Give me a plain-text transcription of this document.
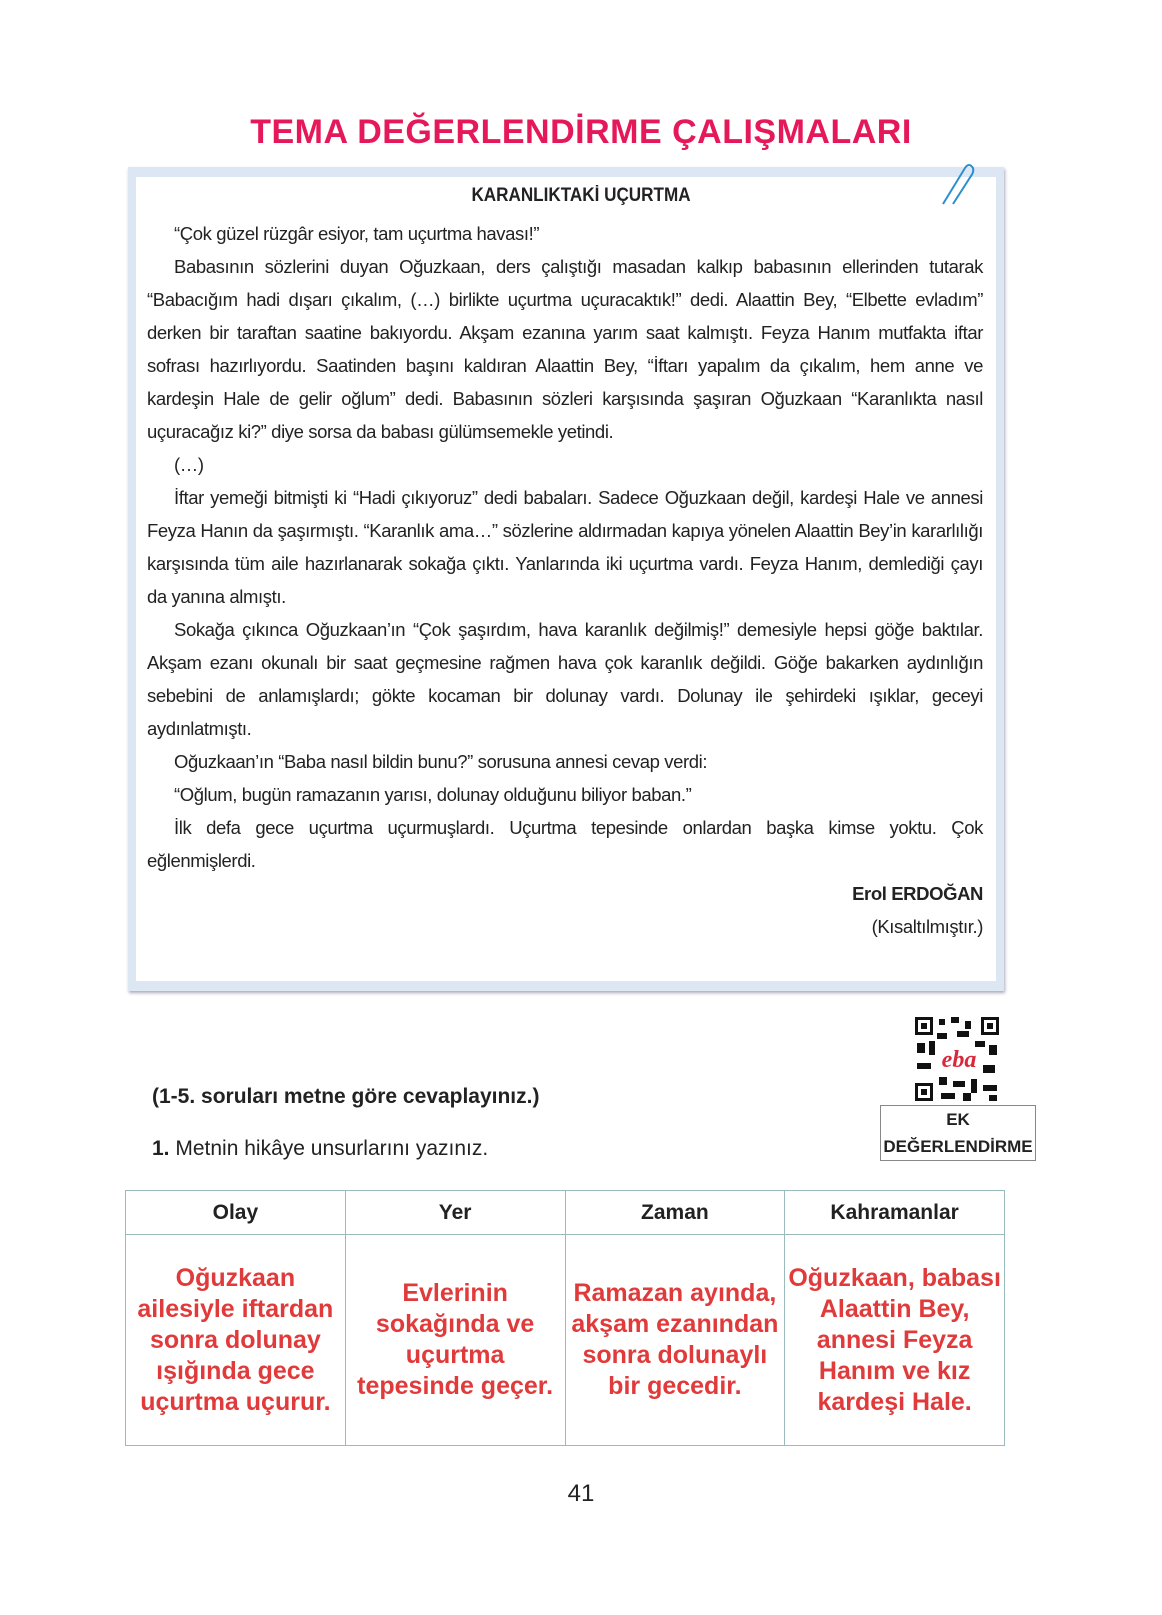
TEMA DEĞERLENDİRME ÇALIŞMALARI
KARANLIKTAKİ UÇURTMA

“Çok güzel rüzgâr esiyor, tam uçurtma havası!”

Babasının sözlerini duyan Oğuzkaan, ders çalıştığı masadan kalkıp babasının ellerinden tutarak “Babacığım hadi dışarı çıkalım, (…) birlikte uçurtma uçuracaktık!” dedi. Alaattin Bey, “Elbette evladım” derken bir taraftan saatine bakıyordu. Akşam ezanına yarım saat kalmıştı. Feyza Hanım mutfakta iftar sofrası hazırlıyordu. Saatinden başını kaldıran Alaattin Bey, “İftarı yapalım da çıkalım, hem anne ve kardeşin Hale de gelir oğlum” dedi. Babasının sözleri karşısında şaşıran Oğuzkaan “Karanlıkta nasıl uçuracağız ki?” diye sorsa da babası gülümsemekle yetindi.

(…)

İftar yemeği bitmişti ki “Hadi çıkıyoruz” dedi babaları. Sadece Oğuzkaan değil, kardeşi Hale ve annesi Feyza Hanın da şaşırmıştı. “Karanlık ama…” sözlerine aldırmadan kapıya yönelen Alaattin Bey’in kararlılığı karşısında tüm aile hazırlanarak sokağa çıktı. Yanlarında iki uçurtma vardı. Feyza Hanım, demlediği çayı da yanına almıştı.

Sokağa çıkınca Oğuzkaan’ın “Çok şaşırdım, hava karanlık değilmiş!” demesiyle hepsi göğe baktılar. Akşam ezanı okunalı bir saat geçmesine rağmen hava çok karanlık değildi. Göğe bakarken aydınlığın sebebini de anlamışlardı; gökte kocaman bir dolunay vardı. Dolunay ile şehirdeki ışıklar, geceyi aydınlatmıştı.

Oğuzkaan’ın “Baba nasıl bildin bunu?” sorusuna annesi cevap verdi:

“Oğlum, bugün ramazanın yarısı, dolunay olduğunu biliyor baban.”

İlk defa gece uçurtma uçurmuşlardı. Uçurtma tepesinde onlardan başka kimse yoktu. Çok eğlenmişlerdi.

Erol ERDOĞAN

(Kısaltılmıştır.)

eba
EK
DEĞERLENDİRME
(1-5. soruları metne göre cevaplayınız.)
1. Metnin hikâye unsurlarını yazınız.
Olay	Yer	Zaman	Kahramanlar
Oğuzkaan ailesiyle iftardan sonra dolunay ışığında gece uçurtma uçurur.	Evlerinin sokağında ve uçurtma tepesinde geçer.	Ramazan ayında, akşam ezanından sonra dolunaylı bir gecedir.	Oğuzkaan, babası Alaattin Bey, annesi Feyza Hanım ve kız kardeşi Hale.
41
